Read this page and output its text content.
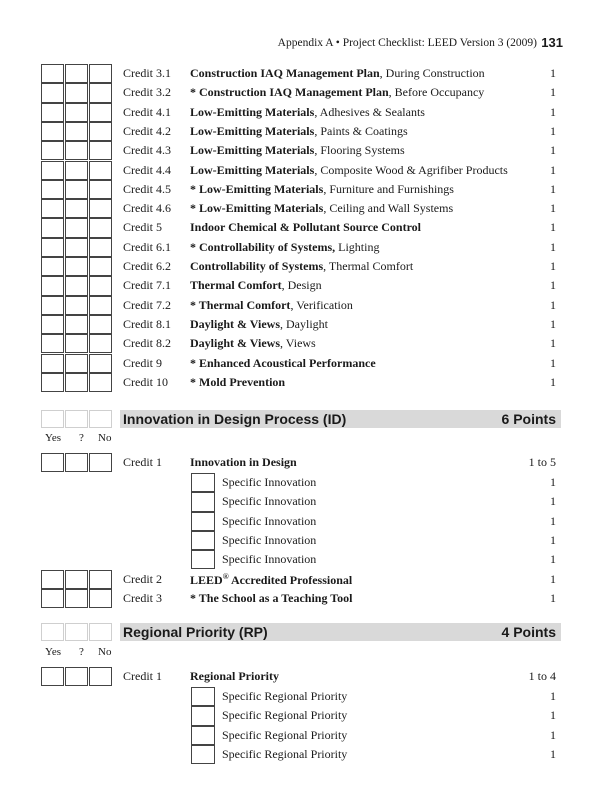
Appendix A • Project Checklist: LEED Version 3 (2009) 131
Credit 3.1 Construction IAQ Management Plan, During Construction	1
Credit 3.2 * Construction IAQ Management Plan, Before Occupancy	1
Credit 4.1 Low-Emitting Materials, Adhesives & Sealants	1
Credit 4.2 Low-Emitting Materials, Paints & Coatings	1
Credit 4.3 Low-Emitting Materials, Flooring Systems	1
Credit 4.4 Low-Emitting Materials, Composite Wood & Agrifiber Products	1
Credit 4.5 * Low-Emitting Materials, Furniture and Furnishings	1
Credit 4.6 * Low-Emitting Materials, Ceiling and Wall Systems	1
Credit 5 Indoor Chemical & Pollutant Source Control	1
Credit 6.1 * Controllability of Systems, Lighting	1
Credit 6.2 Controllability of Systems, Thermal Comfort	1
Credit 7.1 Thermal Comfort, Design	1
Credit 7.2 * Thermal Comfort, Verification	1
Credit 8.1 Daylight & Views, Daylight	1
Credit 8.2 Daylight & Views, Views	1
Credit 9 * Enhanced Acoustical Performance	1
Credit 10 * Mold Prevention	1
Innovation in Design Process (ID)	6 Points
Yes ? No
Credit 1 Innovation in Design	1 to 5
Specific Innovation	1
Specific Innovation	1
Specific Innovation	1
Specific Innovation	1
Specific Innovation	1
Credit 2 LEED® Accredited Professional	1
Credit 3 * The School as a Teaching Tool	1
Regional Priority (RP)	4 Points
Yes ? No
Credit 1 Regional Priority	1 to 4
Specific Regional Priority	1
Specific Regional Priority	1
Specific Regional Priority	1
Specific Regional Priority	1
